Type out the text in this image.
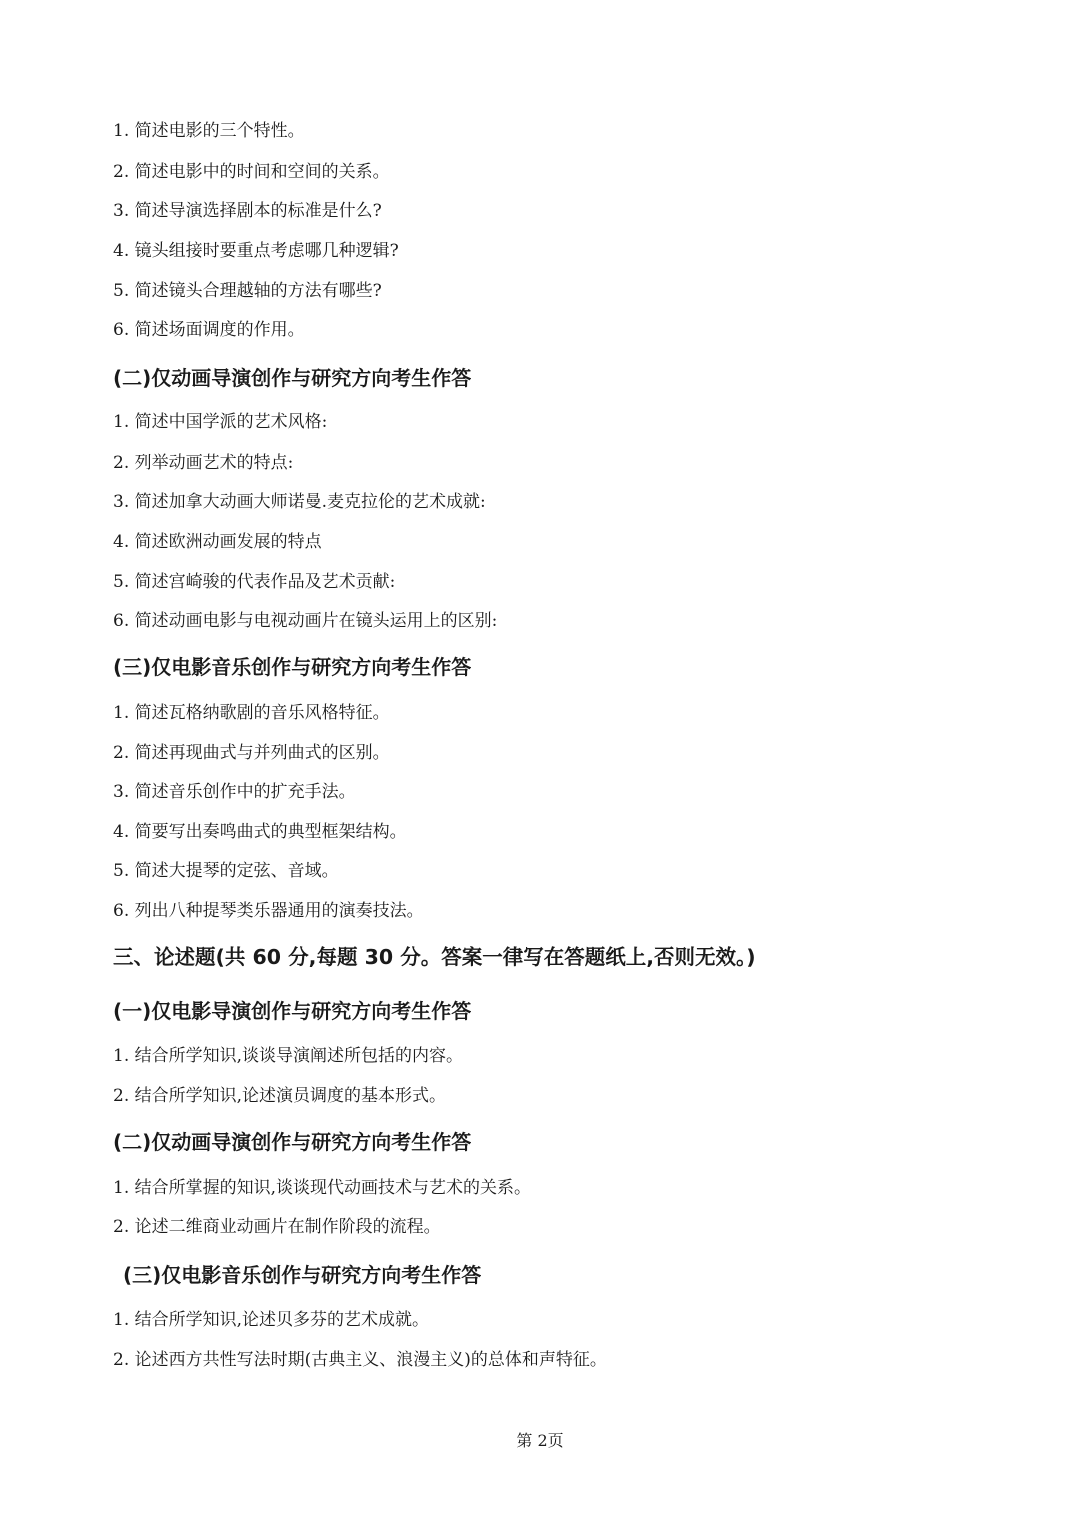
1. 简述电影的三个特性。
2. 简述电影中的时间和空间的关系。
3. 简述导演选择剧本的标准是什么?
4. 镜头组接时要重点考虑哪几种逻辑?
5. 简述镜头合理越轴的方法有哪些?
6. 简述场面调度的作用。
(二)仅动画导演创作与研究方向考生作答
1. 简述中国学派的艺术风格:
2. 列举动画艺术的特点:
3. 简述加拿大动画大师诺曼.麦克拉伦的艺术成就:
4. 简述欧洲动画发展的特点
5. 简述宫崎骏的代表作品及艺术贡献:
6. 简述动画电影与电视动画片在镜头运用上的区别:
(三)仅电影音乐创作与研究方向考生作答
1. 简述瓦格纳歌剧的音乐风格特征。
2. 简述再现曲式与并列曲式的区别。
3. 简述音乐创作中的扩充手法。
4. 简要写出奏鸣曲式的典型框架结构。
5. 简述大提琴的定弦、音域。
6. 列出八种提琴类乐器通用的演奏技法。
三、论述题(共 60 分,每题 30 分。答案一律写在答题纸上,否则无效。)
(一)仅电影导演创作与研究方向考生作答
1. 结合所学知识,谈谈导演阐述所包括的内容。
2. 结合所学知识,论述演员调度的基本形式。
(二)仅动画导演创作与研究方向考生作答
1. 结合所掌握的知识,谈谈现代动画技术与艺术的关系。
2. 论述二维商业动画片在制作阶段的流程。
(三)仅电影音乐创作与研究方向考生作答
1. 结合所学知识,论述贝多芬的艺术成就。
2. 论述西方共性写法时期(古典主义、浪漫主义)的总体和声特征。
第 2页
